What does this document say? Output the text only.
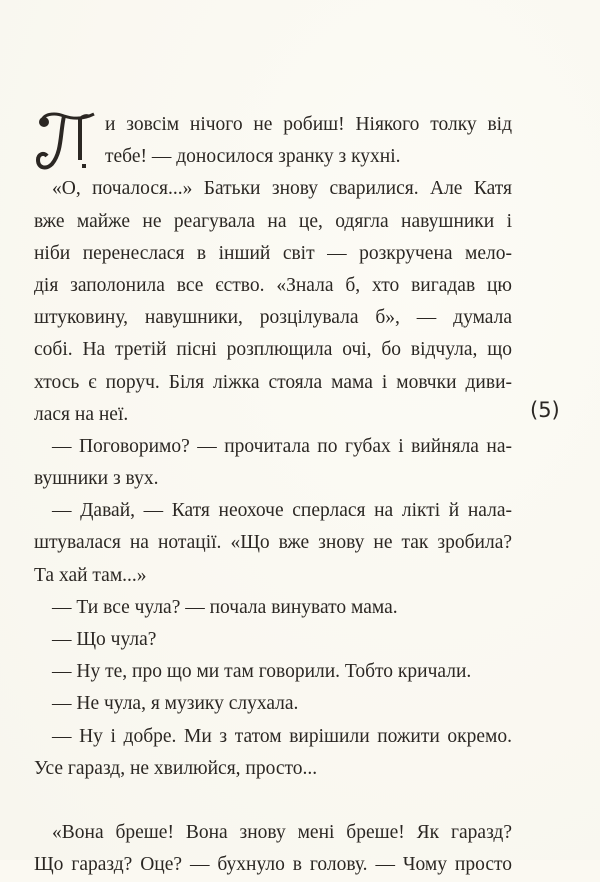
и зовсім нічого не робиш! Ніякого толку від
тебе! — доносилося зранку з кухні.
«О, почалося...» Батьки знову сварилися. Але Катя
вже майже не реагувала на це, одягла навушники і
ніби перенеслася в інший світ — розкручена мело-
дія заполонила все єство. «Знала б, хто вигадав цю
штуковину, навушники, розцілувала б», — думала
собі. На третій пісні розплющила очі, бо відчула, що
хтось є поруч. Біля ліжка стояла мама і мовчки диви-
лася на неї.
— Поговоримо? — прочитала по губах і вийняла на-
вушники з вух.
— Давай, — Катя неохоче сперлася на лікті й нала-
штувалася на нотації. «Що вже знову не так зробила?
Та хай там...»
— Ти все чула? — почала винувато мама.
— Що чула?
— Ну те, про що ми там говорили. Тобто кричали.
— Не чула, я музику слухала.
— Ну і добре. Ми з татом вирішили пожити окремо.
Усе гаразд, не хвилюйся, просто...
«Вона бреше! Вона знову мені бреше! Як гаразд?
Що гаразд? Оце? — бухнуло в голову. — Чому просто
(5)
